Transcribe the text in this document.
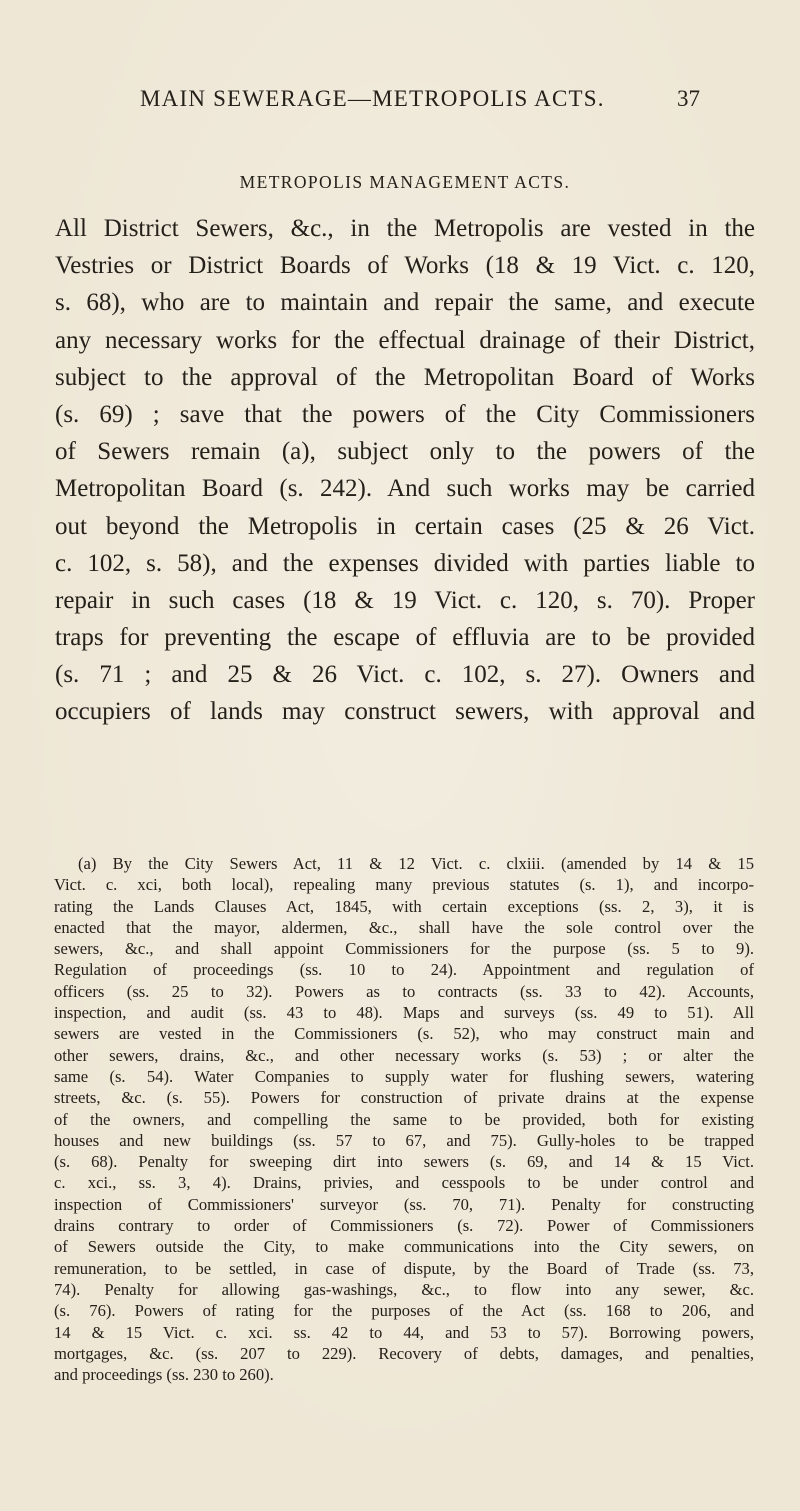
MAIN SEWERAGE—METROPOLIS ACTS.	37
METROPOLIS MANAGEMENT ACTS.
All District Sewers, &c., in the Metropolis are vested in the
Vestries or District Boards of Works (18 & 19 Vict. c. 120,
s. 68), who are to maintain and repair the same, and execute
any necessary works for the effectual drainage of their District,
subject to the approval of the Metropolitan Board of Works
(s. 69) ; save that the powers of the City Commissioners
of Sewers remain (a), subject only to the powers of the
Metropolitan Board (s. 242). And such works may be carried
out beyond the Metropolis in certain cases (25 & 26 Vict.
c. 102, s. 58), and the expenses divided with parties liable to
repair in such cases (18 & 19 Vict. c. 120, s. 70). Proper
traps for preventing the escape of effluvia are to be provided
(s. 71 ; and 25 & 26 Vict. c. 102, s. 27). Owners and
occupiers of lands may construct sewers, with approval and
(a) By the City Sewers Act, 11 & 12 Vict. c. clxiii. (amended by 14 & 15
Vict. c. xci, both local), repealing many previous statutes (s. 1), and incorpo-
rating the Lands Clauses Act, 1845, with certain exceptions (ss. 2, 3), it is
enacted that the mayor, aldermen, &c., shall have the sole control over the
sewers, &c., and shall appoint Commissioners for the purpose (ss. 5 to 9).
Regulation of proceedings (ss. 10 to 24). Appointment and regulation of
officers (ss. 25 to 32). Powers as to contracts (ss. 33 to 42). Accounts,
inspection, and audit (ss. 43 to 48). Maps and surveys (ss. 49 to 51). All
sewers are vested in the Commissioners (s. 52), who may construct main and
other sewers, drains, &c., and other necessary works (s. 53) ; or alter the
same (s. 54). Water Companies to supply water for flushing sewers, watering
streets, &c. (s. 55). Powers for construction of private drains at the expense
of the owners, and compelling the same to be provided, both for existing
houses and new buildings (ss. 57 to 67, and 75). Gully-holes to be trapped
(s. 68). Penalty for sweeping dirt into sewers (s. 69, and 14 & 15 Vict.
c. xci., ss. 3, 4). Drains, privies, and cesspools to be under control and
inspection of Commissioners' surveyor (ss. 70, 71). Penalty for constructing
drains contrary to order of Commissioners (s. 72). Power of Commissioners
of Sewers outside the City, to make communications into the City sewers, on
remuneration, to be settled, in case of dispute, by the Board of Trade (ss. 73,
74). Penalty for allowing gas-washings, &c., to flow into any sewer, &c.
(s. 76). Powers of rating for the purposes of the Act (ss. 168 to 206, and
14 & 15 Vict. c. xci. ss. 42 to 44, and 53 to 57). Borrowing powers,
mortgages, &c. (ss. 207 to 229). Recovery of debts, damages, and penalties,
and proceedings (ss. 230 to 260).
